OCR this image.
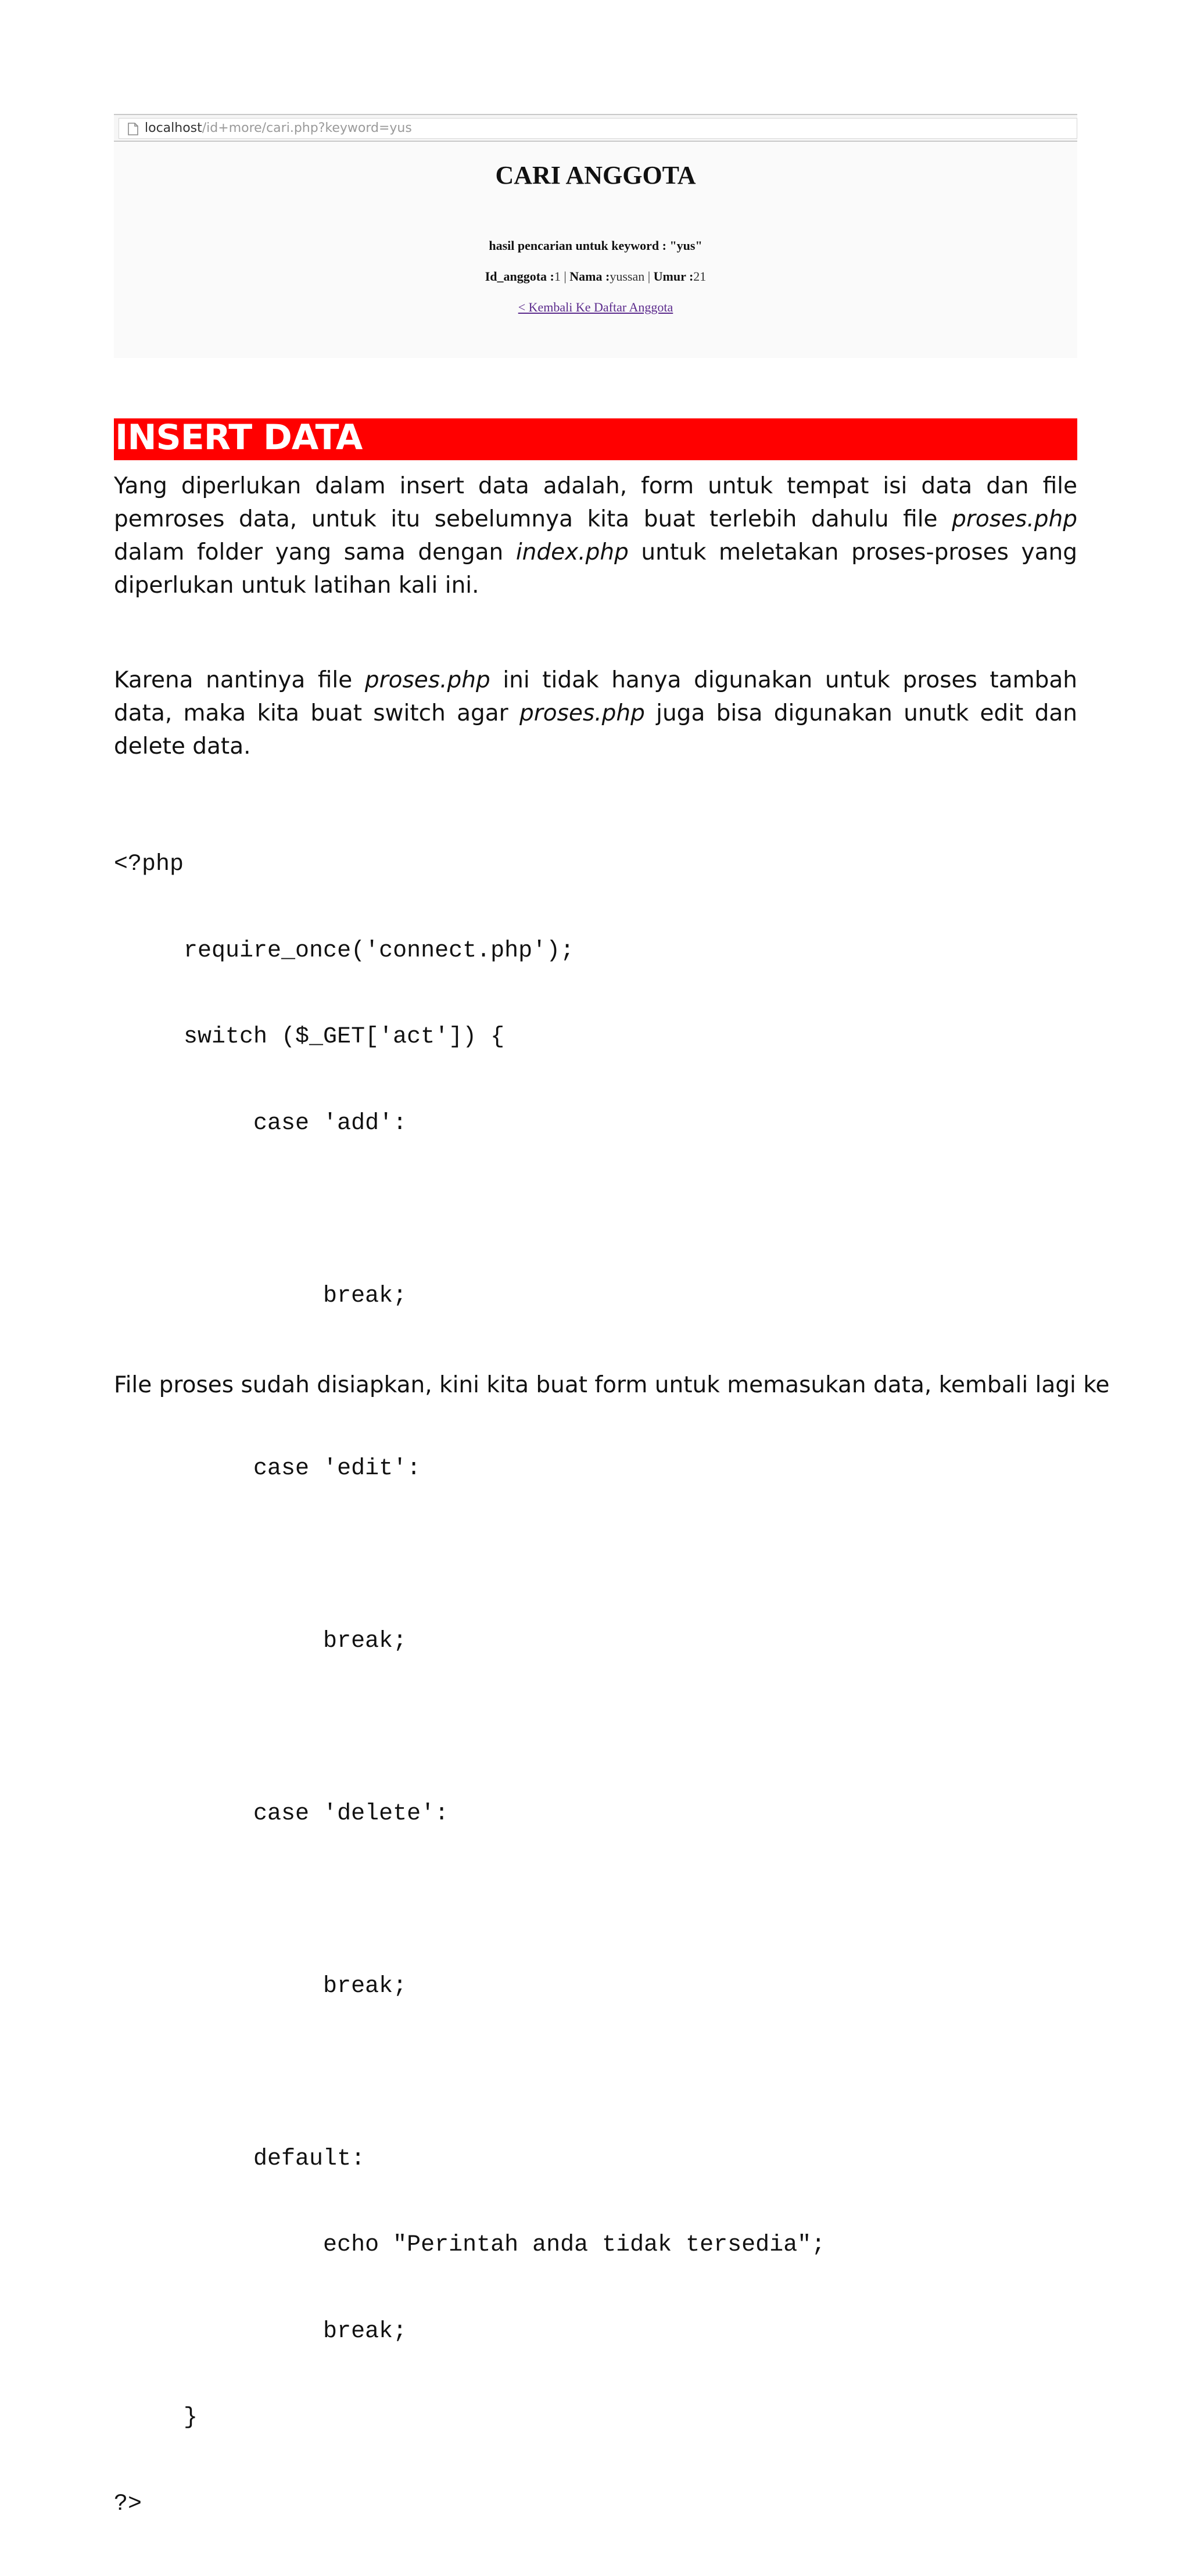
localhost/id+more/cari.php?keyword=yus
CARI ANGGOTA
hasil pencarian untuk keyword : "yus"
Id_anggota :1 | Nama :yussan | Umur :21
< Kembali Ke Daftar Anggota
INSERT DATA
Yang diperlukan dalam insert data adalah, form untuk tempat isi data dan file pemroses data, untuk itu sebelumnya kita buat terlebih dahulu file proses.php dalam folder yang sama dengan index.php untuk meletakan proses-proses yang diperlukan untuk latihan kali ini.
Karena nantinya file proses.php ini tidak hanya digunakan untuk proses tambah data, maka kita buat switch agar proses.php juga bisa digunakan unutk edit dan delete data.

<?php

require_once('connect.php');

switch ($_GET['act']) {

case 'add':

break;

case 'edit':

break;

case 'delete':

break;

default:

echo "Perintah anda tidak tersedia";

break;

}

?>

File proses sudah disiapkan, kini kita buat form untuk memasukan data, kembali lagi ke
